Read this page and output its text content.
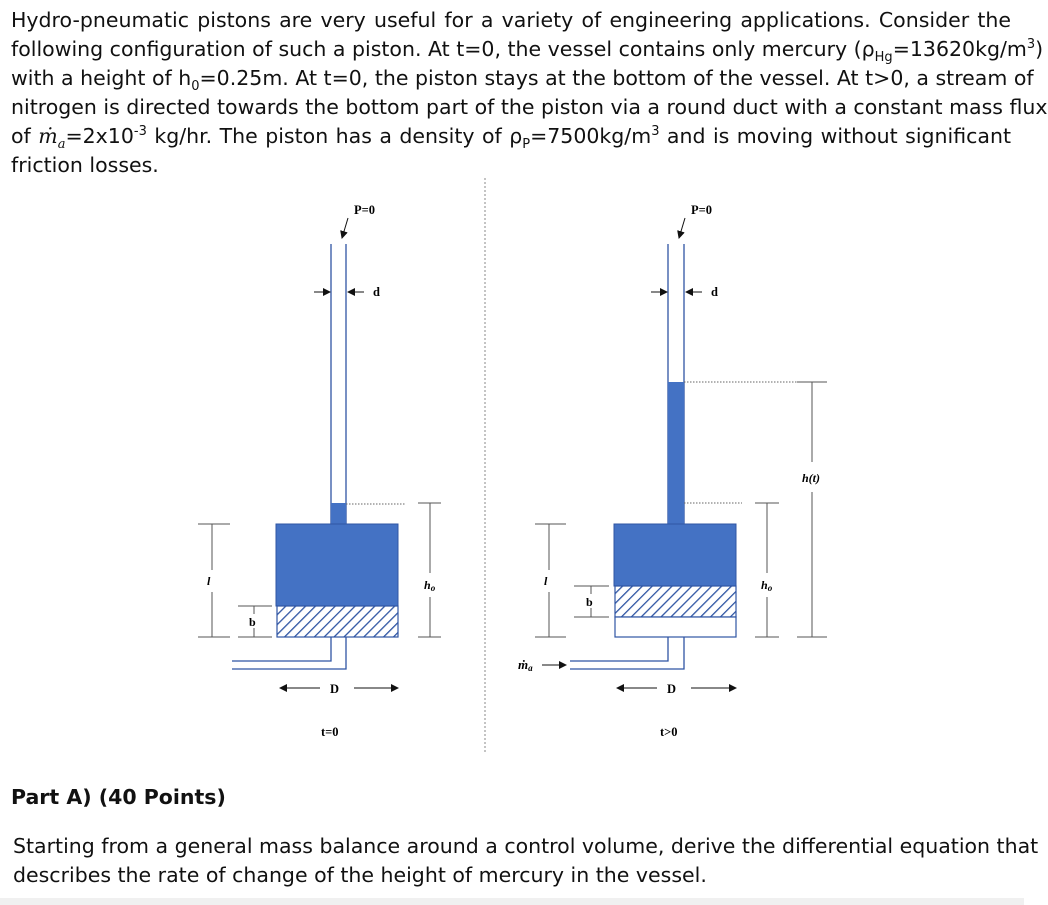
Hydro-pneumatic pistons are very useful for a variety of engineering applications. Consider the
following configuration of such a piston. At t=0, the vessel contains only mercury $(\rho_{Hg}=13620kg/m^3)$
with a height of $h_0=0.25m$. At t=0, the piston stays at the bottom of the vessel. At t>0, a stream of
nitrogen is directed towards the bottom part of the piston via a round duct with a constant mass flux
of $ṁ_a=2x10^{-3}$ kg/hr. The piston has a density of $\rho_P=7500kg/m^3$ and is moving without significant
friction losses.
P=0
d
ho
l
b
D
t=0
ṁa
P=0
d
h(t)
ho
l
b
D
t>0
Part A) (40 Points)
Starting from a general mass balance around a control volume, derive the differential equation that
describes the rate of change of the height of mercury in the vessel.
